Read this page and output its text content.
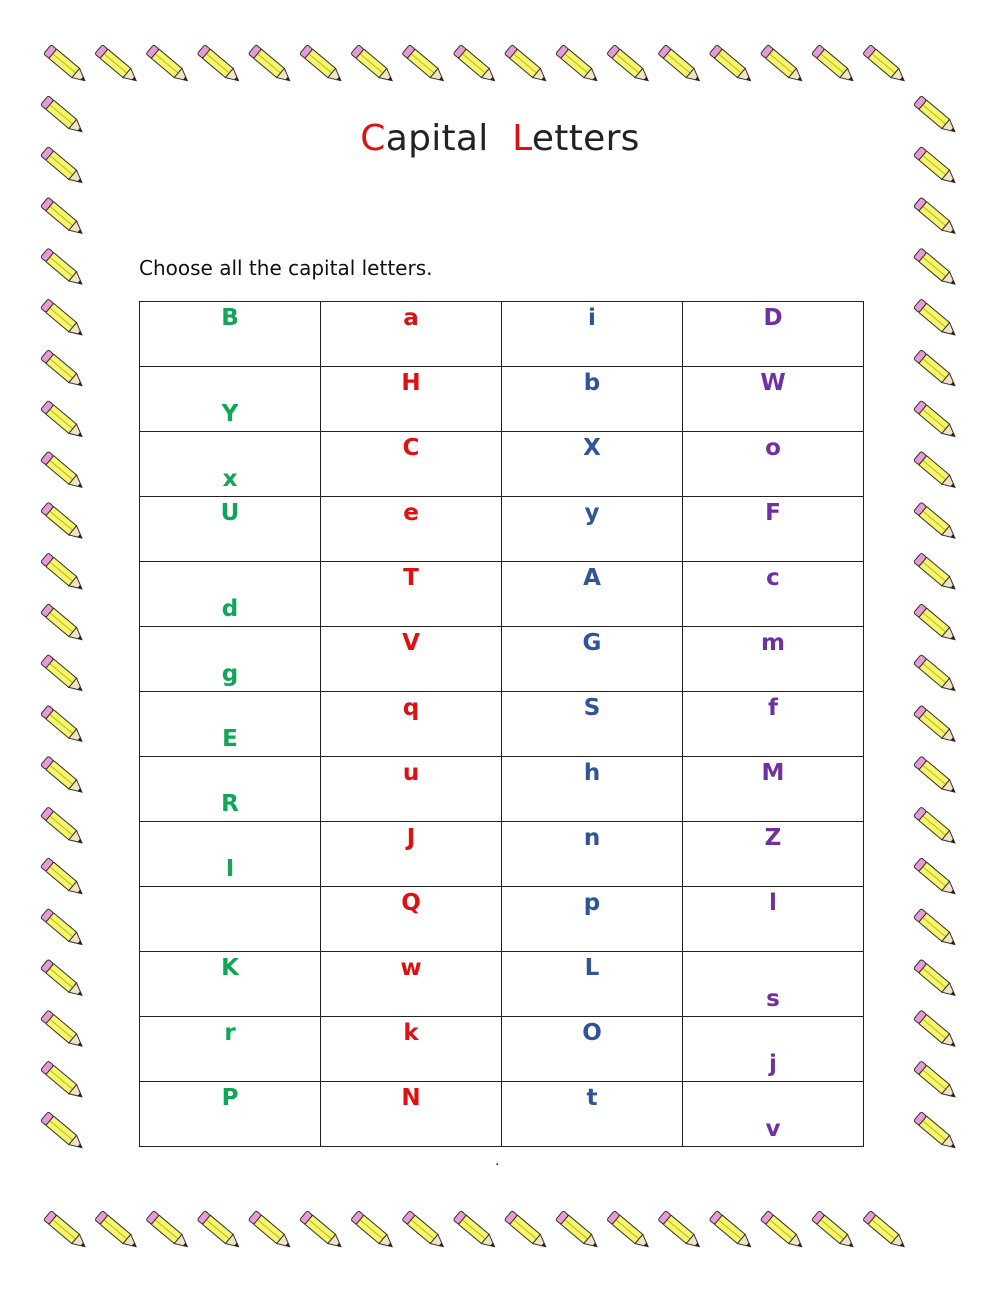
Capital Letters
Choose all the capital letters.
B	a	i	D

Y	H	b	W

x	C	X	o

U	e	y	F

d	T	A	c

g	V	G	m

E	q	S	f

R	u	h	M

I	J	n	Z

	Q	p	l

K	w	L	s

r	k	O	j

P	N	t	v
.
